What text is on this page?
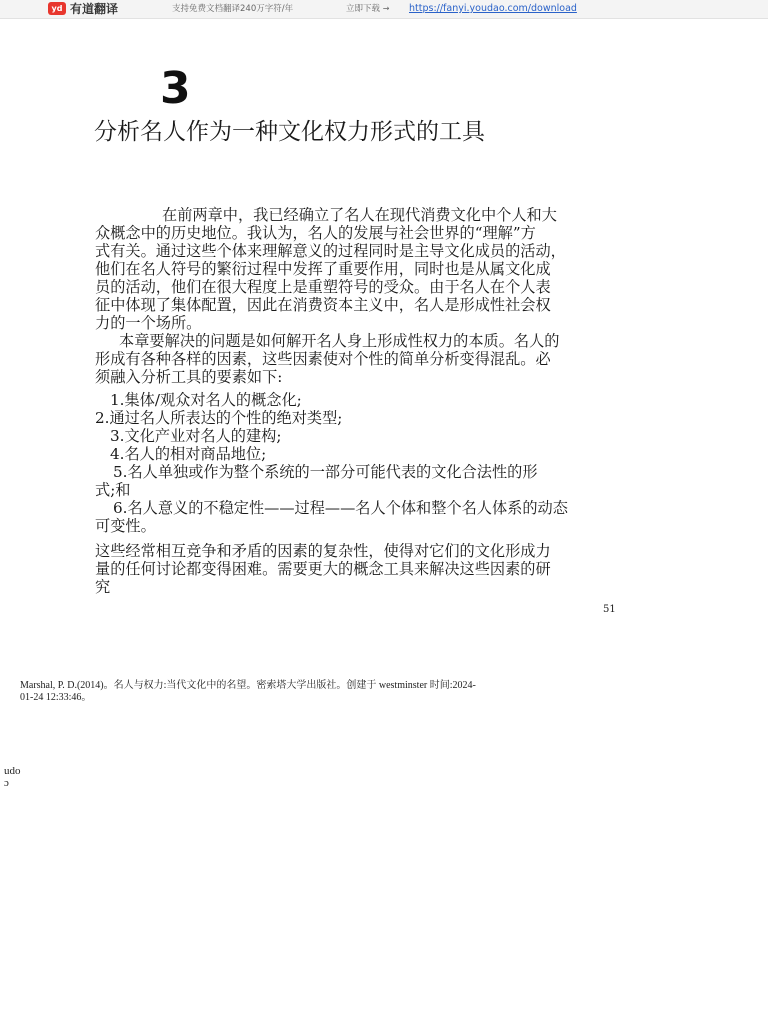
yd 有道翻译	支持免费文档翻译240万字符/年	立即下载 → https://fanyi.youdao.com/download
3
分析名人作为一种文化权力形式的工具
在前两章中，我已经确立了名人在现代消费文化中个人和大
众概念中的历史地位。我认为，名人的发展与社会世界的“理解”方
式有关。通过这些个体来理解意义的过程同时是主导文化成员的活动，
他们在名人符号的繁衍过程中发挥了重要作用，同时也是从属文化成
员的活动，他们在很大程度上是重塑符号的受众。由于名人在个人表
征中体现了集体配置，因此在消费资本主义中，名人是形成性社会权
力的一个场所。
本章要解决的问题是如何解开名人身上形成性权力的本质。名人的
形成有各种各样的因素，这些因素使对个性的简单分析变得混乱。必
须融入分析工具的要素如下:
1.集体/观众对名人的概念化;
2.通过名人所表达的个性的绝对类型;
3.文化产业对名人的建构;
4.名人的相对商品地位;
5.名人单独或作为整个系统的一部分可能代表的文化合法性的形
式;和
6.名人意义的不稳定性——过程——名人个体和整个名人体系的动态
可变性。
这些经常相互竞争和矛盾的因素的复杂性，使得对它们的文化形成力
量的任何讨论都变得困难。需要更大的概念工具来解决这些因素的研
究
51
Marshal, P. D.(2014)。名人与权力:当代文化中的名望。密索塔大学出版社。创建于 westminster 时间:2024-
01-24 12:33:46。
udo
ɔ
